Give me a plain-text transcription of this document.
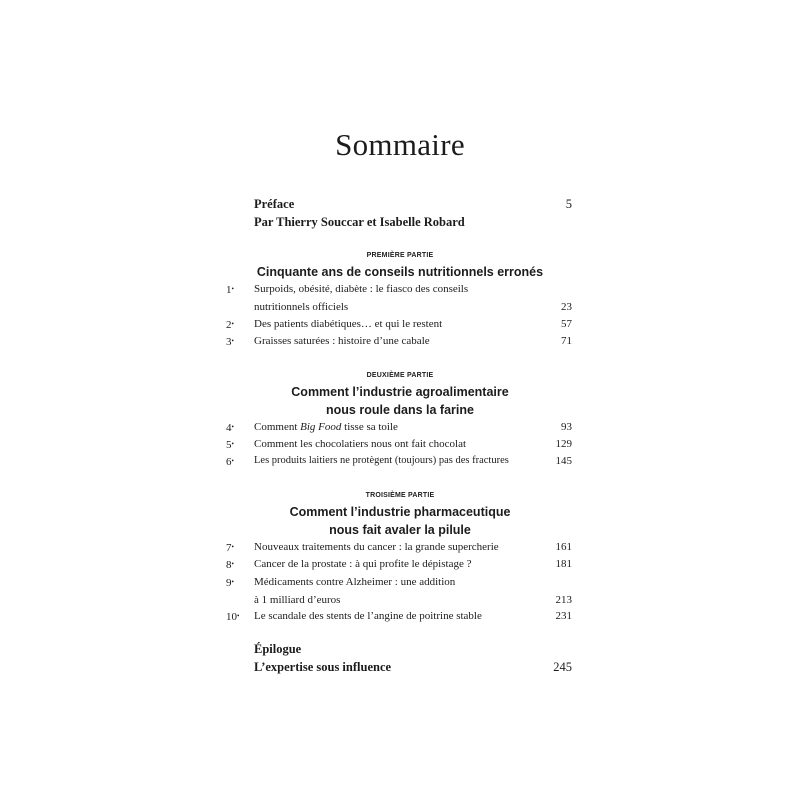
Sommaire
Préface	5
Par Thierry Souccar et Isabelle Robard
PREMIÈRE PARTIE
Cinquante ans de conseils nutritionnels erronés
1•	Surpoids, obésité, diabète : le fiasco des conseils
nutritionnels officiels	23
2•	Des patients diabétiques… et qui le restent	57
3•	Graisses saturées : histoire d’une cabale	71
DEUXIÈME PARTIE
Comment l’industrie agroalimentaire
nous roule dans la farine
4•	Comment Big Food tisse sa toile	93
5•	Comment les chocolatiers nous ont fait chocolat	129
6•	Les produits laitiers ne protègent (toujours) pas des fractures	145
TROISIÈME PARTIE
Comment l’industrie pharmaceutique
nous fait avaler la pilule
7•	Nouveaux traitements du cancer : la grande supercherie	161
8•	Cancer de la prostate : à qui profite le dépistage ?	181
9•	Médicaments contre Alzheimer : une addition
à 1 milliard d’euros	213
10•	Le scandale des stents de l’angine de poitrine stable	231
Épilogue
L’expertise sous influence	245
